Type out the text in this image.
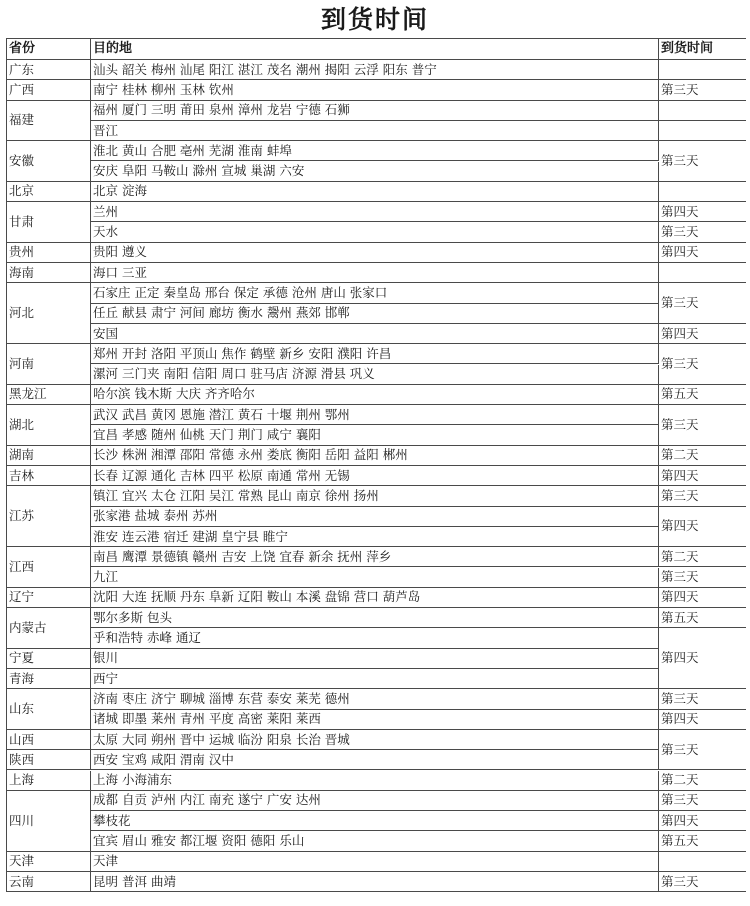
到货时间
省份	目的地	到货时间
汕头 韶关 梅州 汕尾 阳江 湛江 茂名 潮州 揭阳 云浮 阳东 普宁
南宁 桂林 柳州 玉林 钦州
福州 厦门 三明 莆田 泉州 漳州 龙岩 宁德 石狮
晋江
淮北 黄山 合肥 亳州 芜湖 淮南 蚌埠
安庆 阜阳 马鞍山 滁州 宣城 巢湖 六安
北京 淀海
兰州
天水
贵阳 遵义
海口 三亚
石家庄 正定 秦皇岛 邢台 保定 承德 沧州 唐山 张家口
任丘 献县 肃宁 河间 廊坊 衡水 鬶州 燕郊 邯郸
安国
郑州 开封 洛阳 平顶山 焦作 鹤壁 新乡 安阳 濮阳 许昌
漯河 三门夹 南阳 信阳 周口 驻马店 济源 滑县 巩义
哈尔滨 钱木斯 大庆 齐齐哈尔
武汉 武昌 黄冈 恩施 潜江 黄石 十堰 荆州 鄂州
宜昌 孝感 随州 仙桃 天门 荆门 咸宁 襄阳
长沙 株洲 湘潭 邵阳 常德 永州 娄底 衡阳 岳阳 益阳 郴州
长春 辽源 通化 吉林 四平 松原 南通 常州 无锡
镇江 宜兴 太仓 江阳 吴江 常熟 昆山 南京 徐州 扬州
张家港 盐城 泰州 苏州
淮安 连云港 宿迁 建湖 皇宁县 睢宁
南昌 鹰潭 景德镇 赣州 吉安 上饶 宜春 新余 抚州 萍乡
九江
沈阳 大连 抚顺 丹东 阜新 辽阳 鞍山 本溪 盘锦 营口 葫芦岛
鄂尔多斯 包头
乎和浩特 赤峰 通辽
银川
西宁
济南 枣庄 济宁 聊城 淄博 东营 泰安 莱芜 德州
诸城 即墨 莱州 青州 平度 高密 莱阳 莱西
太原 大同 朔州 晋中 运城 临汾 阳泉 长治 晋城
西安 宝鸡 咸阳 渭南 汉中
上海 小海浦东
成都 自贡 泸州 内江 南充 遂宁 广安 达州
攀枝花
宜宾 眉山 雅安 都江堰 资阳 德阳 乐山
天津
昆明 普洱 曲靖
广东
广西
福建
安徽
北京
甘肃
贵州
海南
河北
河南
黑龙江
湖北
湖南
吉林
江苏
江西
辽宁
内蒙古
宁夏
青海
山东
山西
陕西
上海
四川
天津
云南
第三天
第三天
第四天
第三天
第四天
第三天
第四天
第三天
第五天
第三天
第二天
第四天
第三天
第四天
第二天
第三天
第四天
第五天
第四天
第三天
第四天
第三天
第二天
第三天
第四天
第五天
第三天
